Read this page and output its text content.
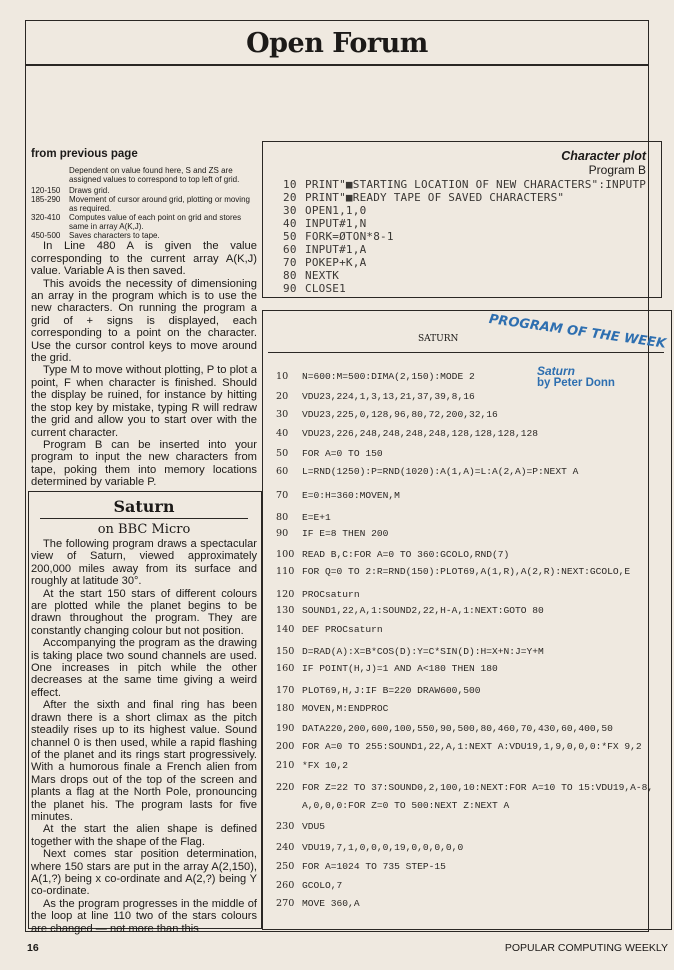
Open Forum
from previous page
Dependent on value found here, S and ZS are assigned values to correspond to top left of grid.
120-150	Draws grid.
185-290	Movement of cursor around grid, plotting or moving as required.
320-410	Computes value of each point on grid and stores same in array A(K,J).
450-500	Saves characters to tape.

In Line 480 A is given the value corresponding to the current array A(K,J) value. Variable A is then saved.

This avoids the necessity of dimensioning an array in the program which is to use the new characters. On running the program a grid of + signs is displayed, each corresponding to a point on the character. Use the cursor control keys to move around the grid.

Type M to move without plotting, P to plot a point, F when character is finished. Should the display be ruined, for instance by hitting the stop key by mistake, typing R will redraw the grid and allow you to start over with the current character.

Program B can be inserted into your program to input the new characters from tape, poking them into memory locations determined by variable P.

Saturn
on BBC Micro

The following program draws a spectacular view of Saturn, viewed approximately 200,000 miles away from its surface and roughly at latitude 30°.

At the start 150 stars of different colours are plotted while the planet begins to be drawn throughout the program. They are constantly changing colour but not position.

Accompanying the program as the drawing is taking place two sound channels are used. One increases in pitch while the other decreases at the same time giving a weird effect.

After the sixth and final ring has been drawn there is a short climax as the pitch steadily rises up to its highest value. Sound channel 0 is then used, while a rapid flashing of the planet and its rings start progressively. With a humorous finale a French alien from Mars drops out of the top of the screen and plants a flag at the North Pole, pronouncing the planet his. The program lasts for five minutes.

At the start the alien shape is defined together with the shape of the Flag.

Next comes star position determination, where 150 stars are put in the array A(2,150), A(1,?) being x co-ordinate and A(2,?) being Y co-ordinate.

As the program progresses in the middle of the loop at line 110 two of the stars colours are changed — not more than this

Character plot
Program B
10 PRINT"■STARTING LOCATION OF NEW CHARACTERS":INPUTP
20 PRINT"■READY TAPE OF SAVED CHARACTERS"
30 OPEN1,1,0
40 INPUT#1,N
50 FORK=ØTON*8-1
60 INPUT#1,A
70 POKEP+K,A
80 NEXTK
90 CLOSE1
PROGRAM OF THE WEEK
SATURN
Saturn
by Peter Donn
10 N=600:M=500:DIMA(2,150):MODE 2
20 VDU23,224,1,3,13,21,37,39,8,16
30 VDU23,225,0,128,96,80,72,200,32,16
40 VDU23,226,248,248,248,248,128,128,128,128
50 FOR A=0 TO 150
60 L=RND(1250):P=RND(1020):A(1,A)=L:A(2,A)=P:NEXT A
70 E=0:H=360:MOVEN,M
80 E=E+1
90 IF E=8 THEN 200
100 READ B,C:FOR A=0 TO 360:GCOLO,RND(7)
110 FOR Q=0 TO 2:R=RND(150):PLOT69,A(1,R),A(2,R):NEXT:GCOLO,E
120 PROCsaturn
130 SOUND1,22,A,1:SOUND2,22,H-A,1:NEXT:GOTO 80
140 DEF PROCsaturn
150 D=RAD(A):X=B*COS(D):Y=C*SIN(D):H=X+N:J=Y+M
160 IF POINT(H,J)=1 AND A<180 THEN 180
170 PLOT69,H,J:IF B=220 DRAW600,500
180 MOVEN,M:ENDPROC
190 DATA220,200,600,100,550,90,500,80,460,70,430,60,400,50
200 FOR A=0 TO 255:SOUND1,22,A,1:NEXT A:VDU19,1,9,0,0,0:*FX 9,2
210 *FX 10,2
220 FOR Z=22 TO 37:SOUND0,2,100,10:NEXT:FOR A=10 TO 15:VDU19,A-8,
A,0,0,0:FOR Z=0 TO 500:NEXT Z:NEXT A
230 VDU5
240 VDU19,7,1,0,0,0,19,0,0,0,0,0
250 FOR A=1024 TO 735 STEP-15
260 GCOLO,7
270 MOVE 360,A
16	POPULAR COMPUTING WEEKLY
